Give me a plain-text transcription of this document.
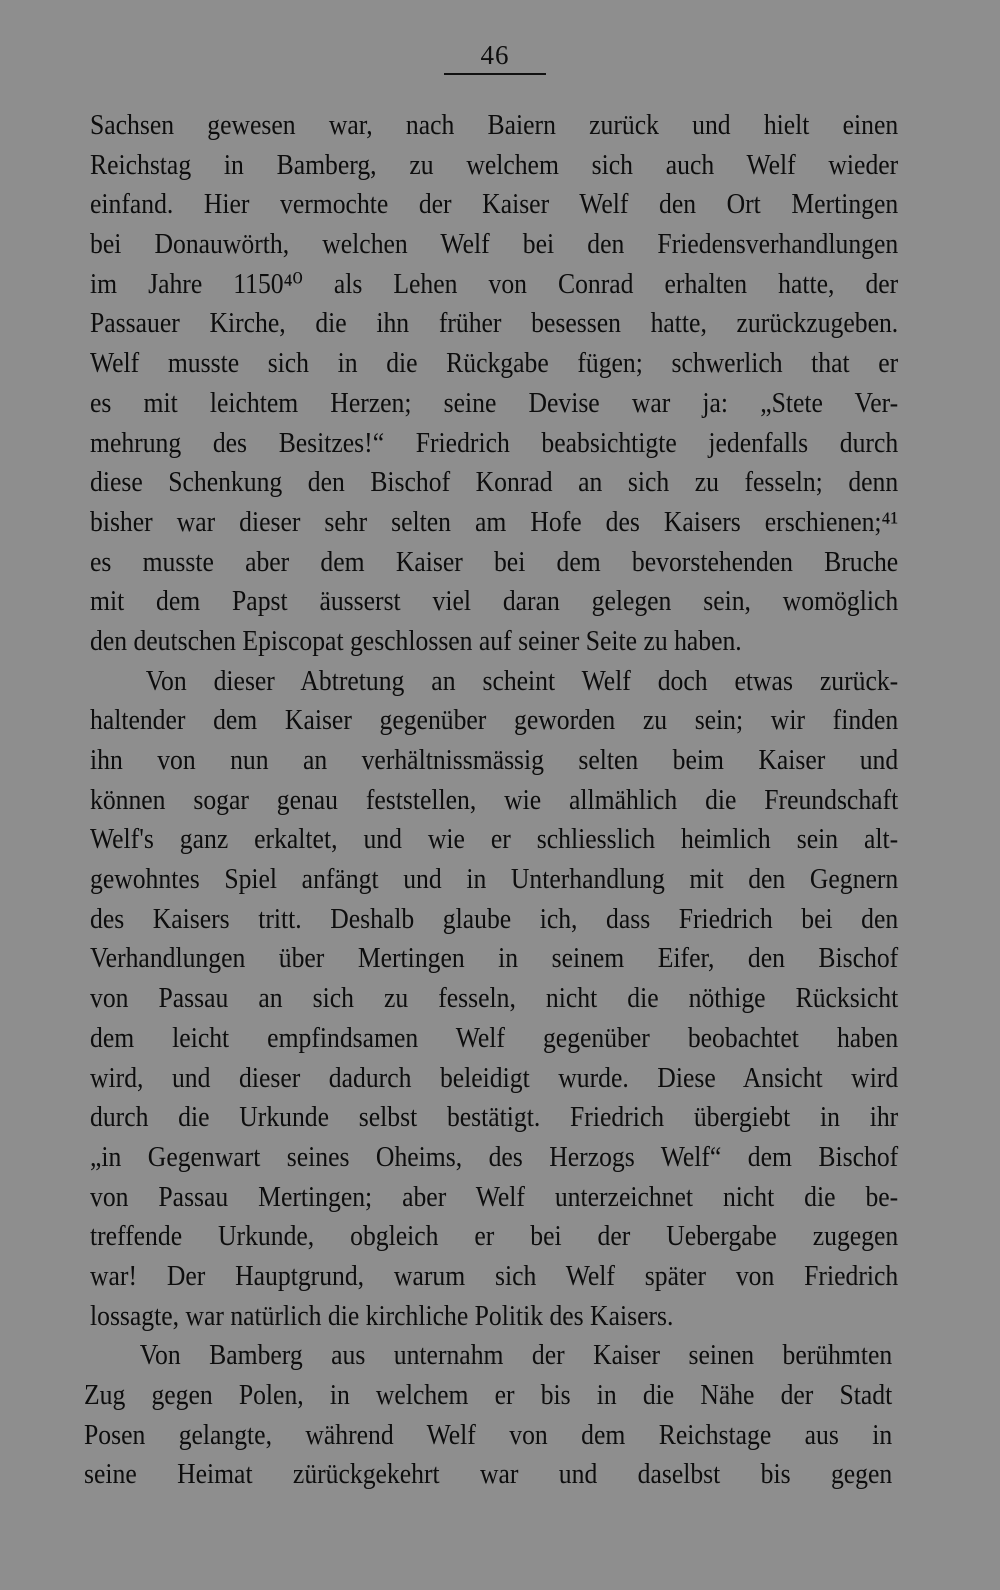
46
Sachsen gewesen war, nach Baiern zurück und hielt einen
Reichstag in Bamberg, zu welchem sich auch Welf wieder
einfand. Hier vermochte der Kaiser Welf den Ort Mertingen
bei Donauwörth, welchen Welf bei den Friedensverhandlungen
im Jahre 1150⁴⁰ als Lehen von Conrad erhalten hatte, der
Passauer Kirche, die ihn früher besessen hatte, zurückzugeben.
Welf musste sich in die Rückgabe fügen; schwerlich that er
es mit leichtem Herzen; seine Devise war ja: „Stete Ver-
mehrung des Besitzes!“ Friedrich beabsichtigte jedenfalls durch
diese Schenkung den Bischof Konrad an sich zu fesseln; denn
bisher war dieser sehr selten am Hofe des Kaisers erschienen;⁴¹
es musste aber dem Kaiser bei dem bevorstehenden Bruche
mit dem Papst äusserst viel daran gelegen sein, womöglich
den deutschen Episcopat geschlossen auf seiner Seite zu haben.
Von dieser Abtretung an scheint Welf doch etwas zurück-
haltender dem Kaiser gegenüber geworden zu sein; wir finden
ihn von nun an verhältnissmässig selten beim Kaiser und
können sogar genau feststellen, wie allmählich die Freundschaft
Welf's ganz erkaltet, und wie er schliesslich heimlich sein alt-
gewohntes Spiel anfängt und in Unterhandlung mit den Gegnern
des Kaisers tritt. Deshalb glaube ich, dass Friedrich bei den
Verhandlungen über Mertingen in seinem Eifer, den Bischof
von Passau an sich zu fesseln, nicht die nöthige Rücksicht
dem leicht empfindsamen Welf gegenüber beobachtet haben
wird, und dieser dadurch beleidigt wurde. Diese Ansicht wird
durch die Urkunde selbst bestätigt. Friedrich übergiebt in ihr
„in Gegenwart seines Oheims, des Herzogs Welf“ dem Bischof
von Passau Mertingen; aber Welf unterzeichnet nicht die be-
treffende Urkunde, obgleich er bei der Uebergabe zugegen
war! Der Hauptgrund, warum sich Welf später von Friedrich
lossagte, war natürlich die kirchliche Politik des Kaisers.
Von Bamberg aus unternahm der Kaiser seinen berühmten
Zug gegen Polen, in welchem er bis in die Nähe der Stadt
Posen gelangte, während Welf von dem Reichstage aus in
seine Heimat zürückgekehrt war und daselbst bis gegen
